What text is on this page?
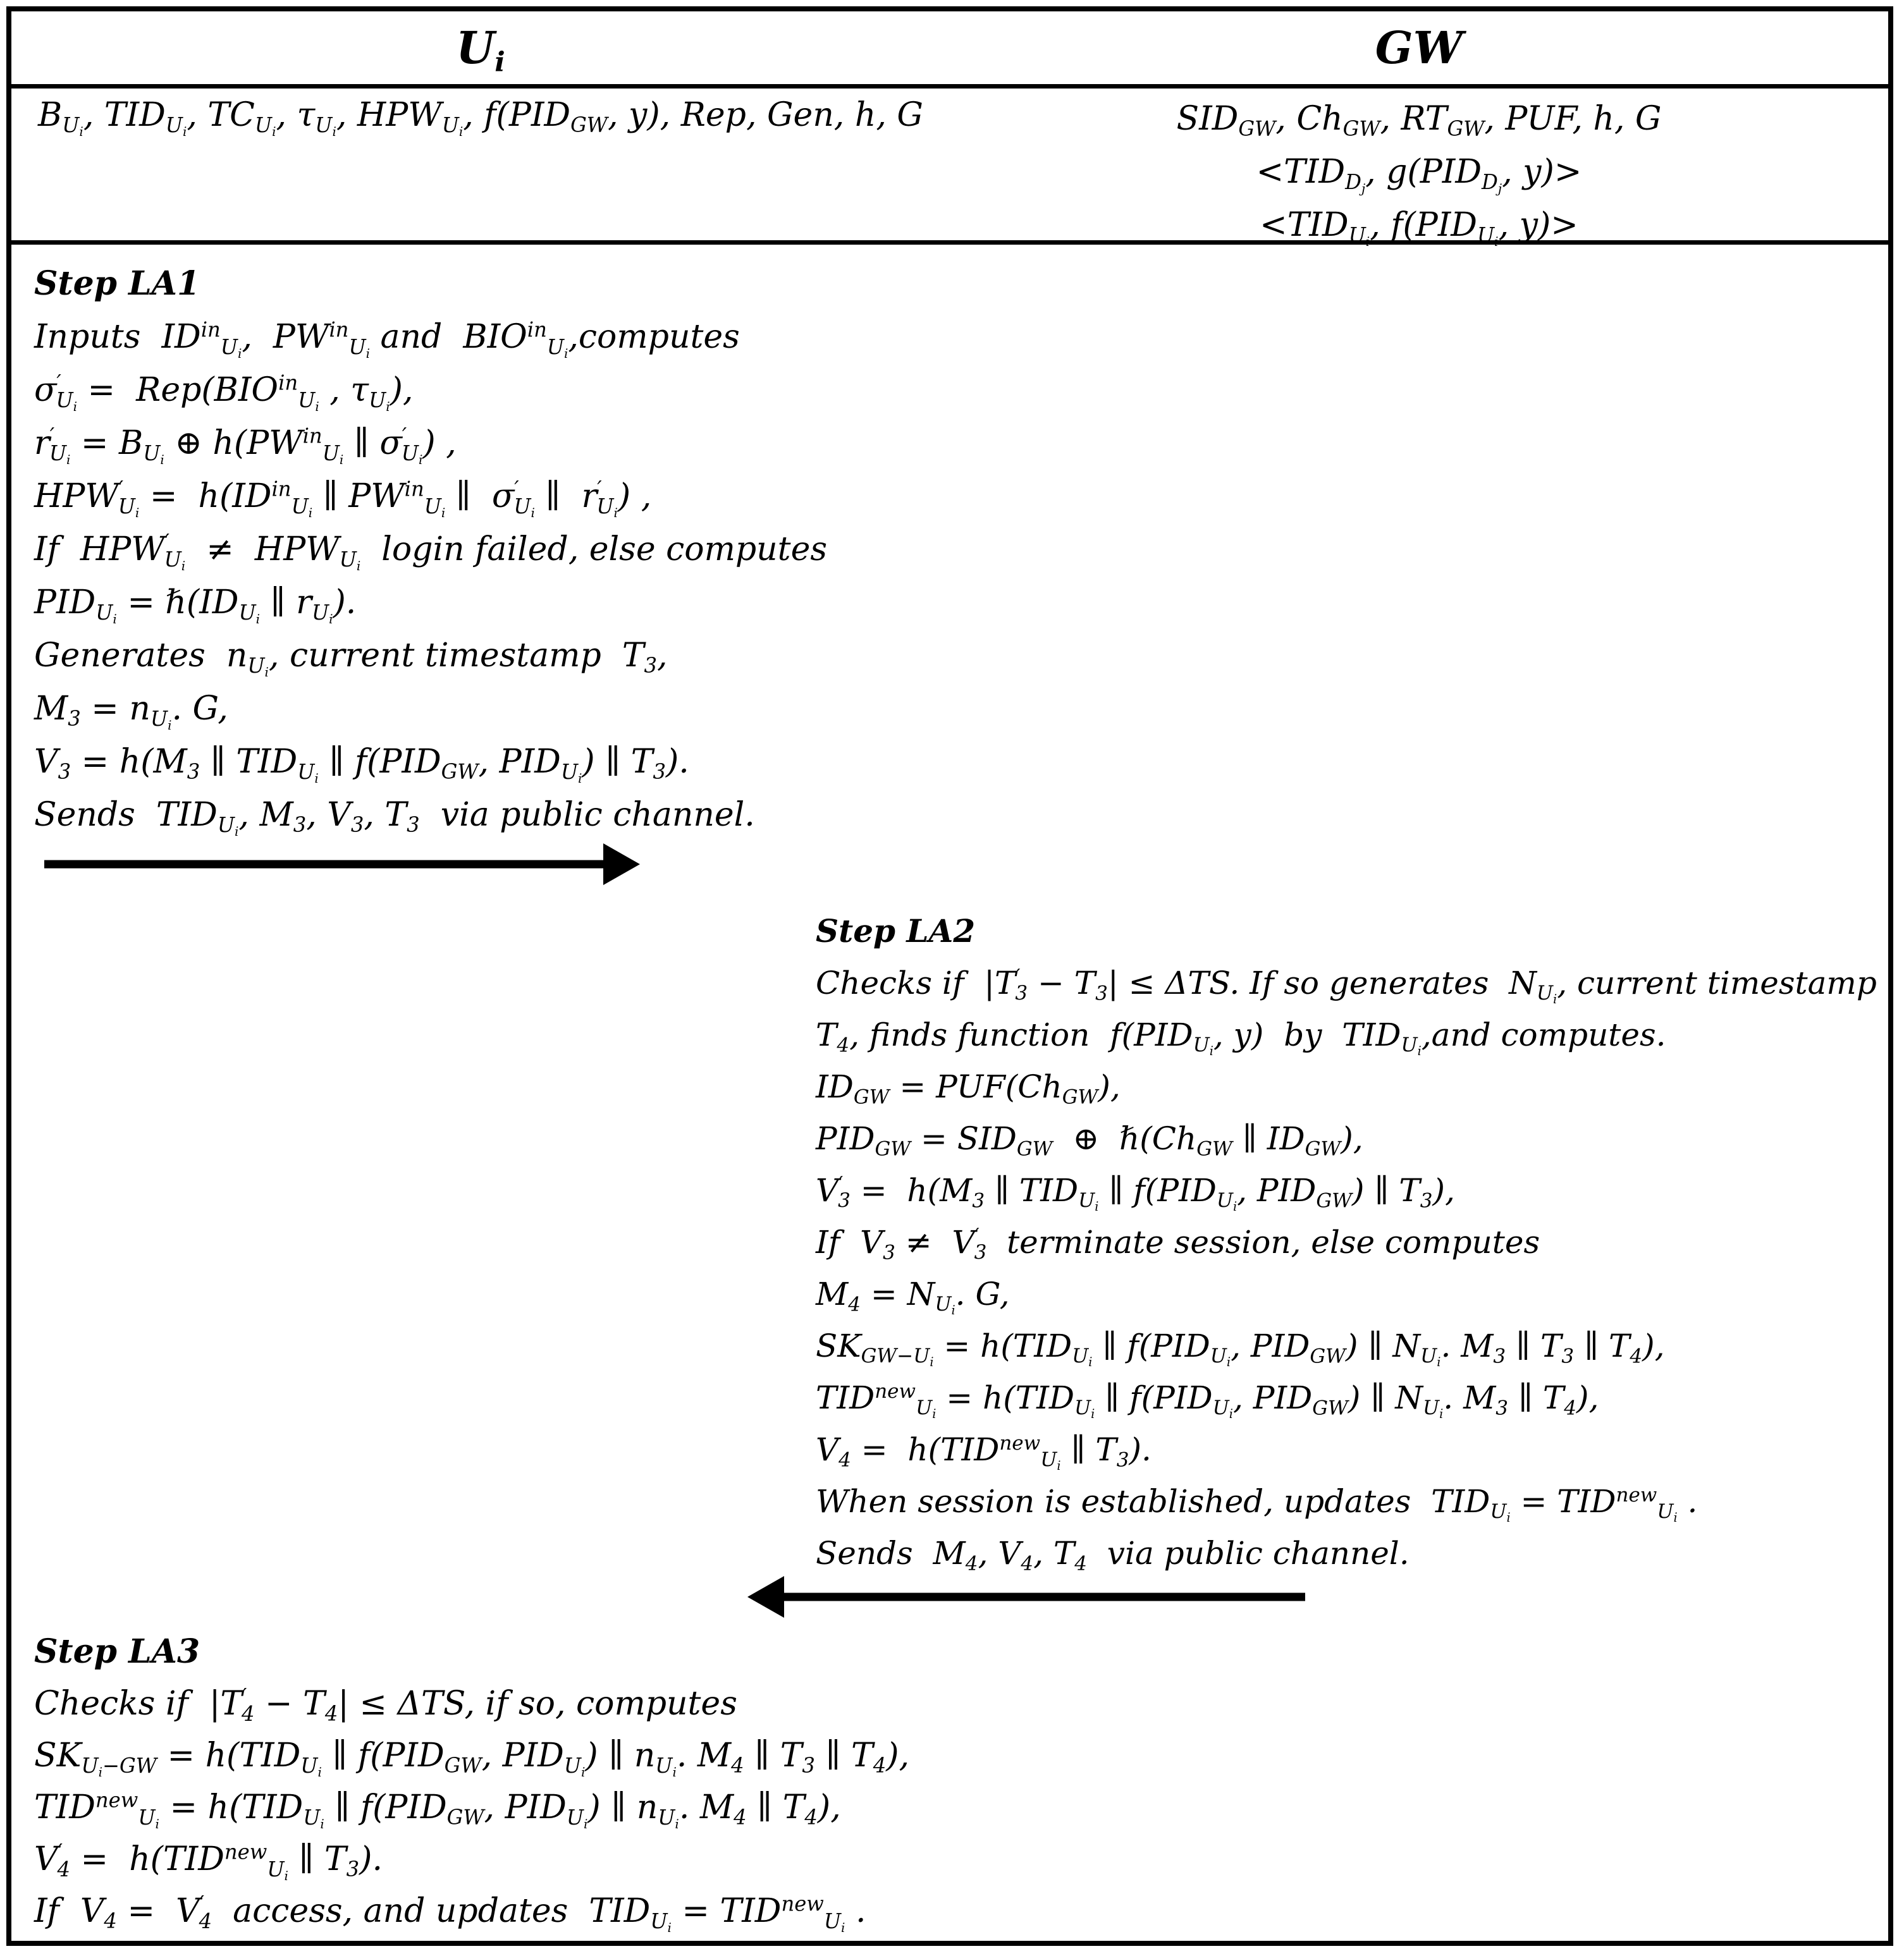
$U_i$	GW
$B_{U_i}$, $TID_{U_i}$, $TC_{U_i}$, $\tau_{U_i}$, $HPW_{U_i}$, $f(PID_{GW}$, y), Rep, Gen, h, G	$SID_{GW}$, $Ch_{GW}$, $RT_{GW}$, PUF, h, G
$<TID_{D_j}$, $g(PID_{D_j}$, y)>
$<TID_{U_i}$, $f(PID_{U_i}$, y)>
Step LA1
Inputs  $ID^{in}_{U_i}$,  $PW^{in}_{U_i}$ and  $BIO^{in}_{U_i},computes$
$\sigma'_{U_i} = Rep(BIO^{in}_{U_i}$ , $\tau_{U_i}$),
$r'_{U_i} = B_{U_i}$ ⊕ $h(PW^{in}_{U_i}$ ∥ $\sigma'_{U_i}$) ,
$HPW'_{U_i} = h(ID^{in}_{U_i}$ ∥ $PW^{in}_{U_i}$ ∥  $\sigma'_{U_i}$ ∥  $r'_{U_i}$) ,
If  $HPW'_{U_i} \ne HPW_{U_i}$  login failed, else computes
$PID_{U_i}$ = $\hbar(ID_{U_i}$ ∥ $r_{U_i}$).
Generates  $n_{U_i}$, current timestamp  $T_3$,
$M_3 = n_{U_i}$. G,
$V_3 = h(M_3$ ∥ $TID_{U_i}$ ∥ $f(PID_{GW}$, $PID_{U_i}$) ∥ $T_3$).
Sends  $TID_{U_i}$, $M_3$, $V_3$, $T_3$  via public channel.
Step LA2
Checks if  $|T'_3 - T_3| \le \Delta TS$. If so generates  $N_{U_i}$, current timestamp
$T_4$, finds function  $f(PID_{U_i}$, y)  by  $TID_{U_i},and$ computes.
$ID_{GW} = PUF(Ch_{GW})$,
$PID_{GW} = SID_{GW}$  ⊕  $\hbar(Ch_{GW}$ ∥ $ID_{GW}$),
$V'_3 = h(M_3$ ∥ $TID_{U_i}$ ∥ $f(PID_{U_i}$, $PID_{GW}$) ∥ $T_3$),
If  $V_3 \ne V'_3$  terminate session, else computes
$M_4 = N_{U_i}$. G,
$SK_{GW-U_i} = h(TID_{U_i}$ ∥ $f(PID_{U_i}$, $PID_{GW}$) ∥ $N_{U_i}$. $M_3$ ∥ $T_3$ ∥ $T_4$),
$TID^{new}_{U_i} = h(TID_{U_i}$ ∥ $f(PID_{U_i}$, $PID_{GW}$) ∥ $N_{U_i}$. $M_3$ ∥ $T_4$),
$V_4 = h(TID^{new}_{U_i}$ ∥ $T_3$).
When session is established, updates  $TID_{U_i} = TID^{new}_{U_i}$ .
Sends  $M_4$, $V_4$, $T_4$  via public channel.
Step LA3
Checks if  $|T'_4 - T_4| \le \Delta TS$, if so, computes
$SK_{U_i-GW} = h(TID_{U_i}$ ∥ $f(PID_{GW}$, $PID_{U_i}$) ∥ $n_{U_i}$. $M_4$ ∥ $T_3$ ∥ $T_4$),
$TID^{new}_{U_i} = h(TID_{U_i}$ ∥ $f(PID_{GW}$, $PID_{U_i}$) ∥ $n_{U_i}$. $M_4$ ∥ $T_4$),
$V'_4 = h(TID^{new}_{U_i}$ ∥ $T_3$).
If  $V_4 = V'_4$  access, and updates  $TID_{U_i} = TID^{new}_{U_i}$ .
